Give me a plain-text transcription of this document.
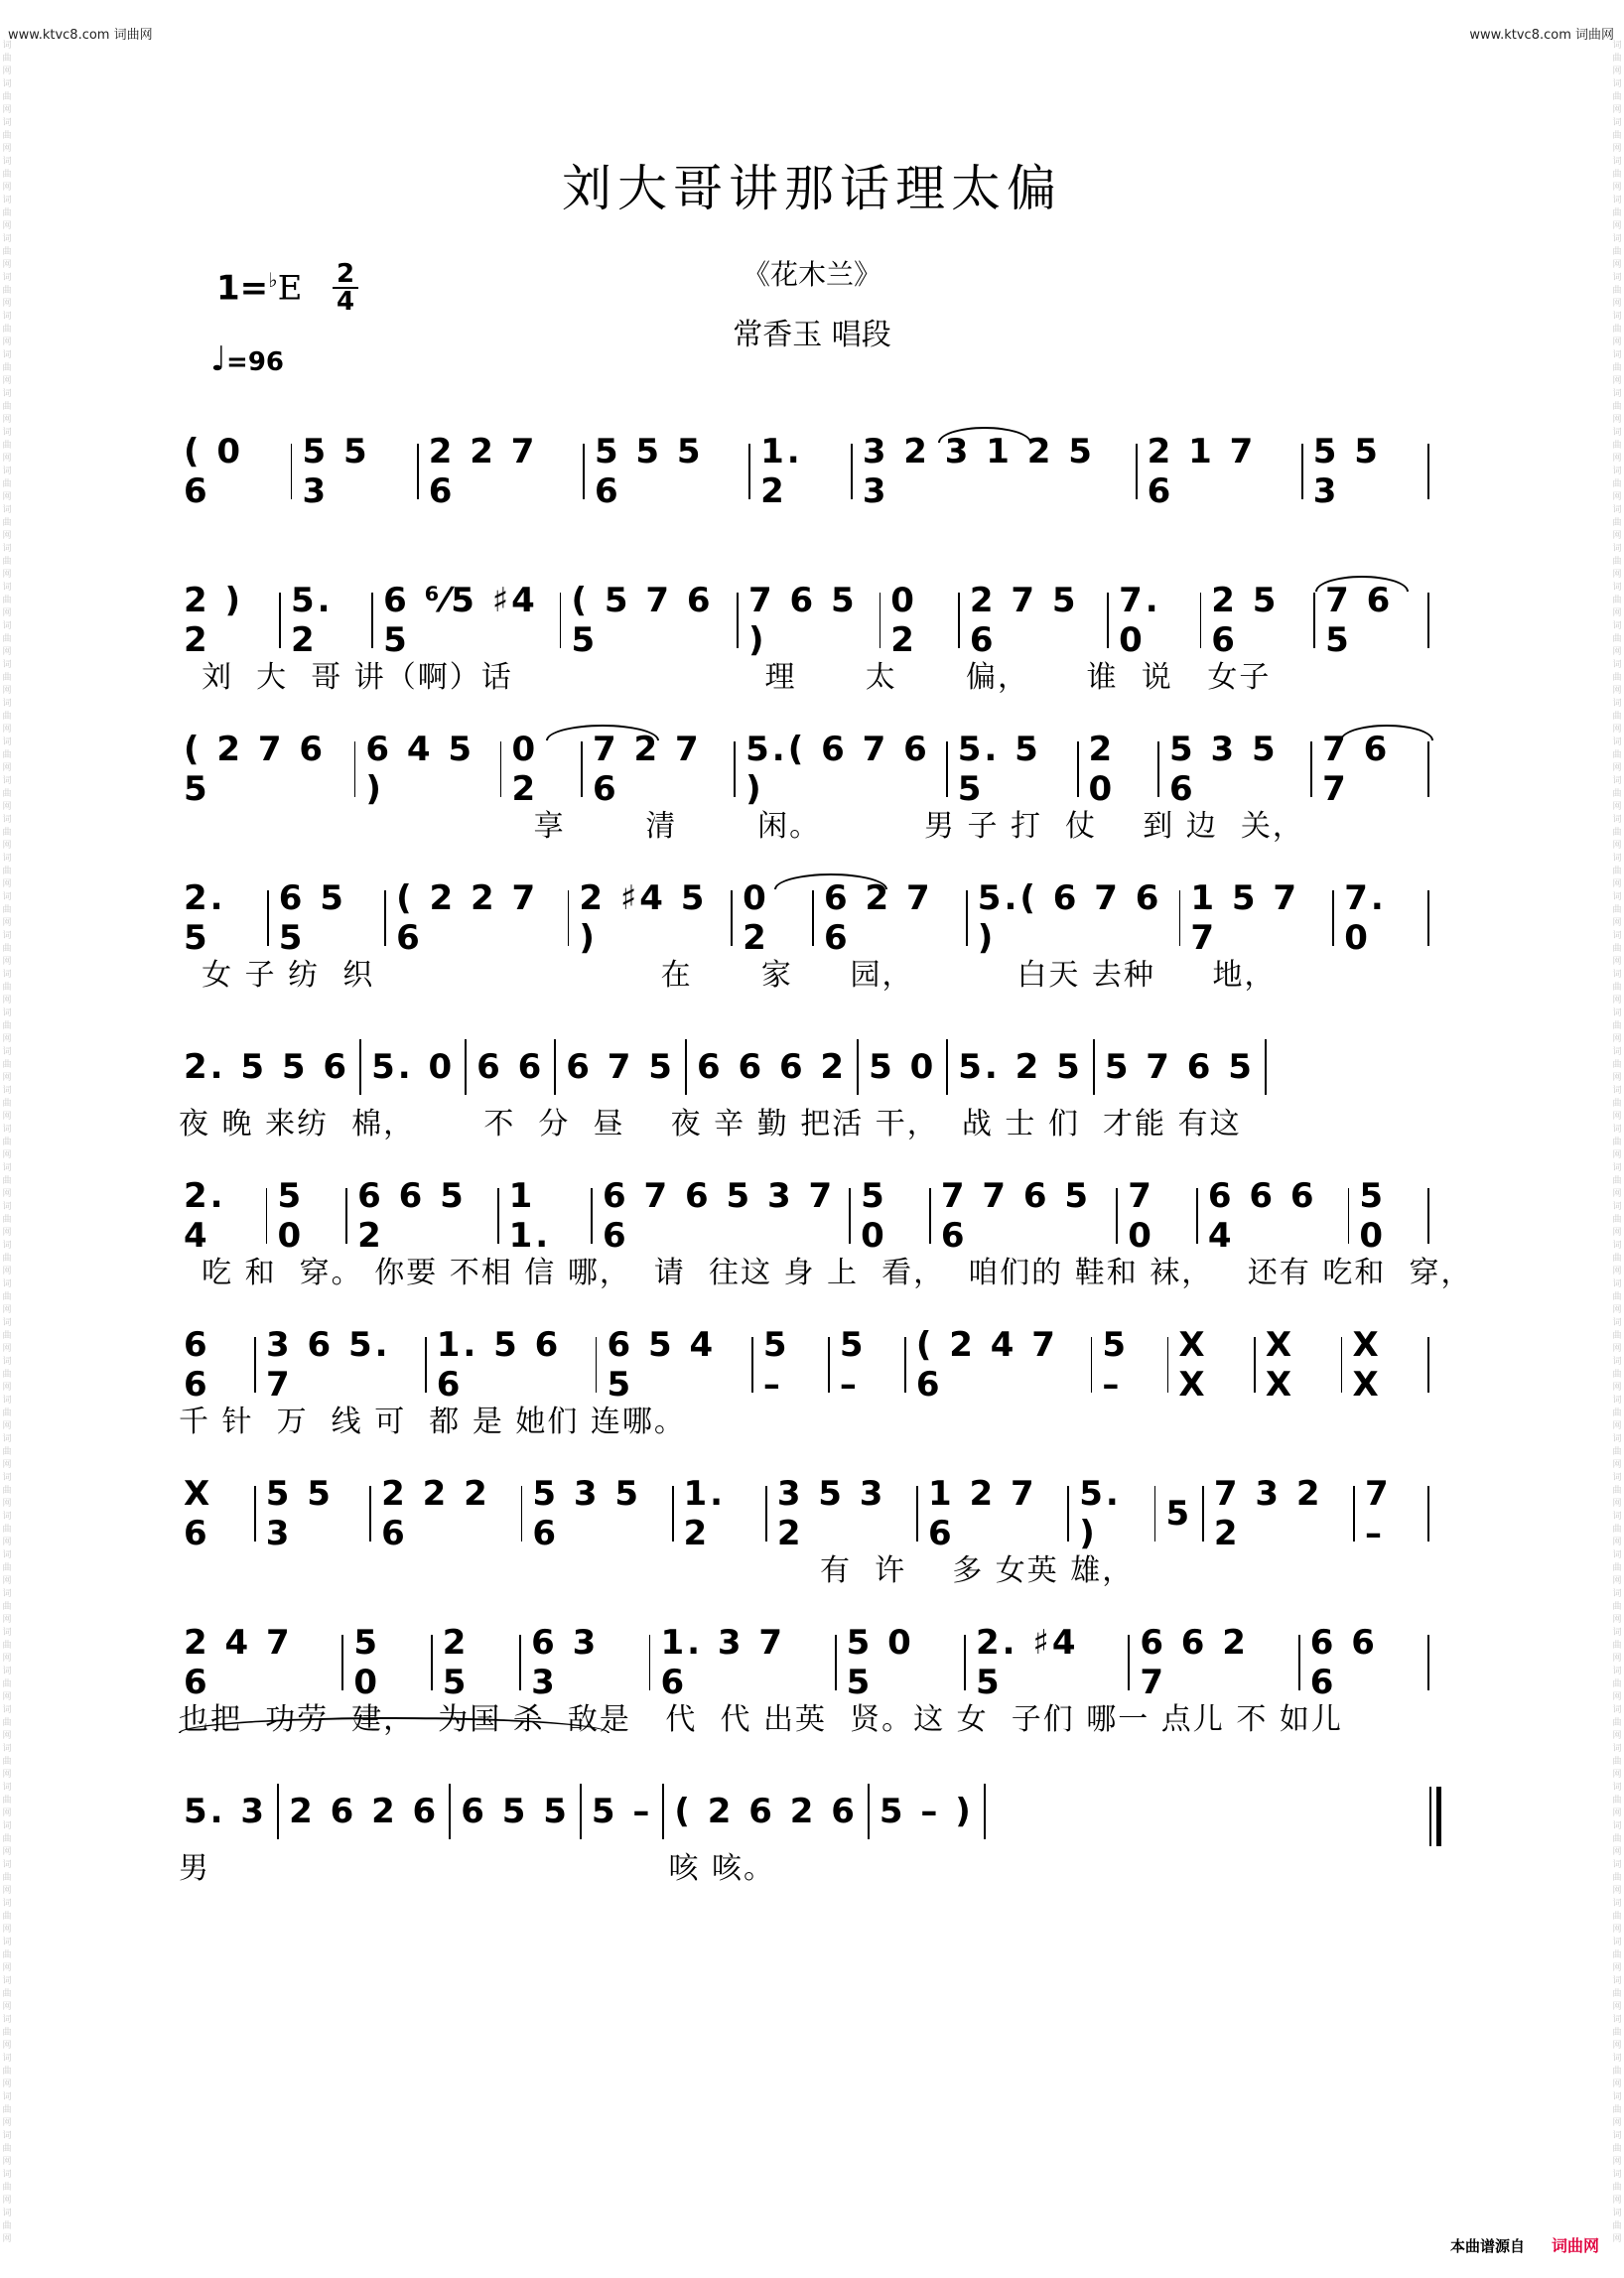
www.ktvc8.com 词曲网	www.ktvc8.com 词曲网
词曲网词曲网词曲网词曲网词曲网词曲网词曲网词曲网词曲网词曲网词曲网词曲网词曲网词曲网词曲网词曲网词曲网词曲网词曲网词曲网词曲网词曲网词曲网词曲网词曲网词曲网词曲网词曲网词曲网词曲网词曲网词曲网词曲网词曲网词曲网词曲网词曲网词曲网词曲网词曲网词曲网词曲网词曲网词曲网词曲网词曲网词曲网词曲网词曲网词曲网词曲网词曲网词曲网词曲网词曲网词曲网词曲网
词曲网词曲网词曲网词曲网词曲网词曲网词曲网词曲网词曲网词曲网词曲网词曲网词曲网词曲网词曲网词曲网词曲网词曲网词曲网词曲网词曲网词曲网词曲网词曲网词曲网词曲网词曲网词曲网词曲网词曲网词曲网词曲网词曲网词曲网词曲网词曲网词曲网词曲网词曲网词曲网词曲网词曲网词曲网词曲网词曲网词曲网词曲网词曲网词曲网词曲网词曲网词曲网词曲网词曲网词曲网词曲网词曲网
刘大哥讲那话理太偏
1=♭E 2
4
♩=96
《花木兰》
常香玉 唱段
( 0 6
5 5 3
2 2 7 6
5 5 5 6
1. 2
3 2 3 1 2 5 3
2 1 7 6
5 5 3
2 ) 2
5. 2
6 ⁶⁄5 ♯4 5
( 5 7 6 5
7 6 5 )
0 2
2 7 5 6
7. 0
2 5 6
7 6 5
刘  大  哥 讲（啊）话                      理      太      偏，     谁  说   女子
( 2 7 6 5
6 4 5 )
0 2
7 2 7 6
5.( 6 7 6 )
5. 5 5
2 0
5 3 5 6
7 6 7
享       清       闲。         男 子 打  仗    到 边  关，
2. 5
6 5 5
( 2 2 7 6
2 ♯4 5 )
0 2
6 2 7 6
5.( 6 7 6 )
1 5 7 7
7. 0
女 子 纺  织                         在      家     园，         白天 去种     地，
2. 5 5 6 5. 0 6 6 6 7 5 6 6 6 2 5 0 5. 2 5 5 7 6 5
夜 晚 来纺  棉，      不  分  昼    夜 辛 勤 把活 干，  战 士 们  才能 有这
2. 4
5 0
6 6 5 2
1 1.
6 7 6 5 3 7 6
5 0
7 7 6 5 6
7 0
6 6 6 4
5 0
吃 和  穿。 你要 不相 信 哪，  请  往这 身 上  看，  咱们的 鞋和 袜，   还有 吃和  穿，
6 6
3 6 5. 7
1. 5 6 6
6 5 4 5
5 –
5 –
( 2 4 7 6
5 –
X X
X X
X X
千 针  万  线 可  都 是 她们 连哪。
X 6
5 5 3
2 2 2 6
5 3 5 6
1. 2
3 5 3 2
1 2 7 6
5. )	5 7 3 2 2
7 –
有  许    多 女英 雄，
2 4 7 6
5 0
2 5
6 3 3
1. 3 7 6
5 0 5
2. ♯4 5
6 6 2 7
6 6 6
也把  功劳  建，  为国 杀  敌是   代  代 出英  贤。这 女  子们 哪一 点儿 不 如儿
5. 3 2 6 2 6 6 5 5 5 – ( 2 6 2 6 5 – )
男                                        咳 咳。
本曲谱源自 词曲网
